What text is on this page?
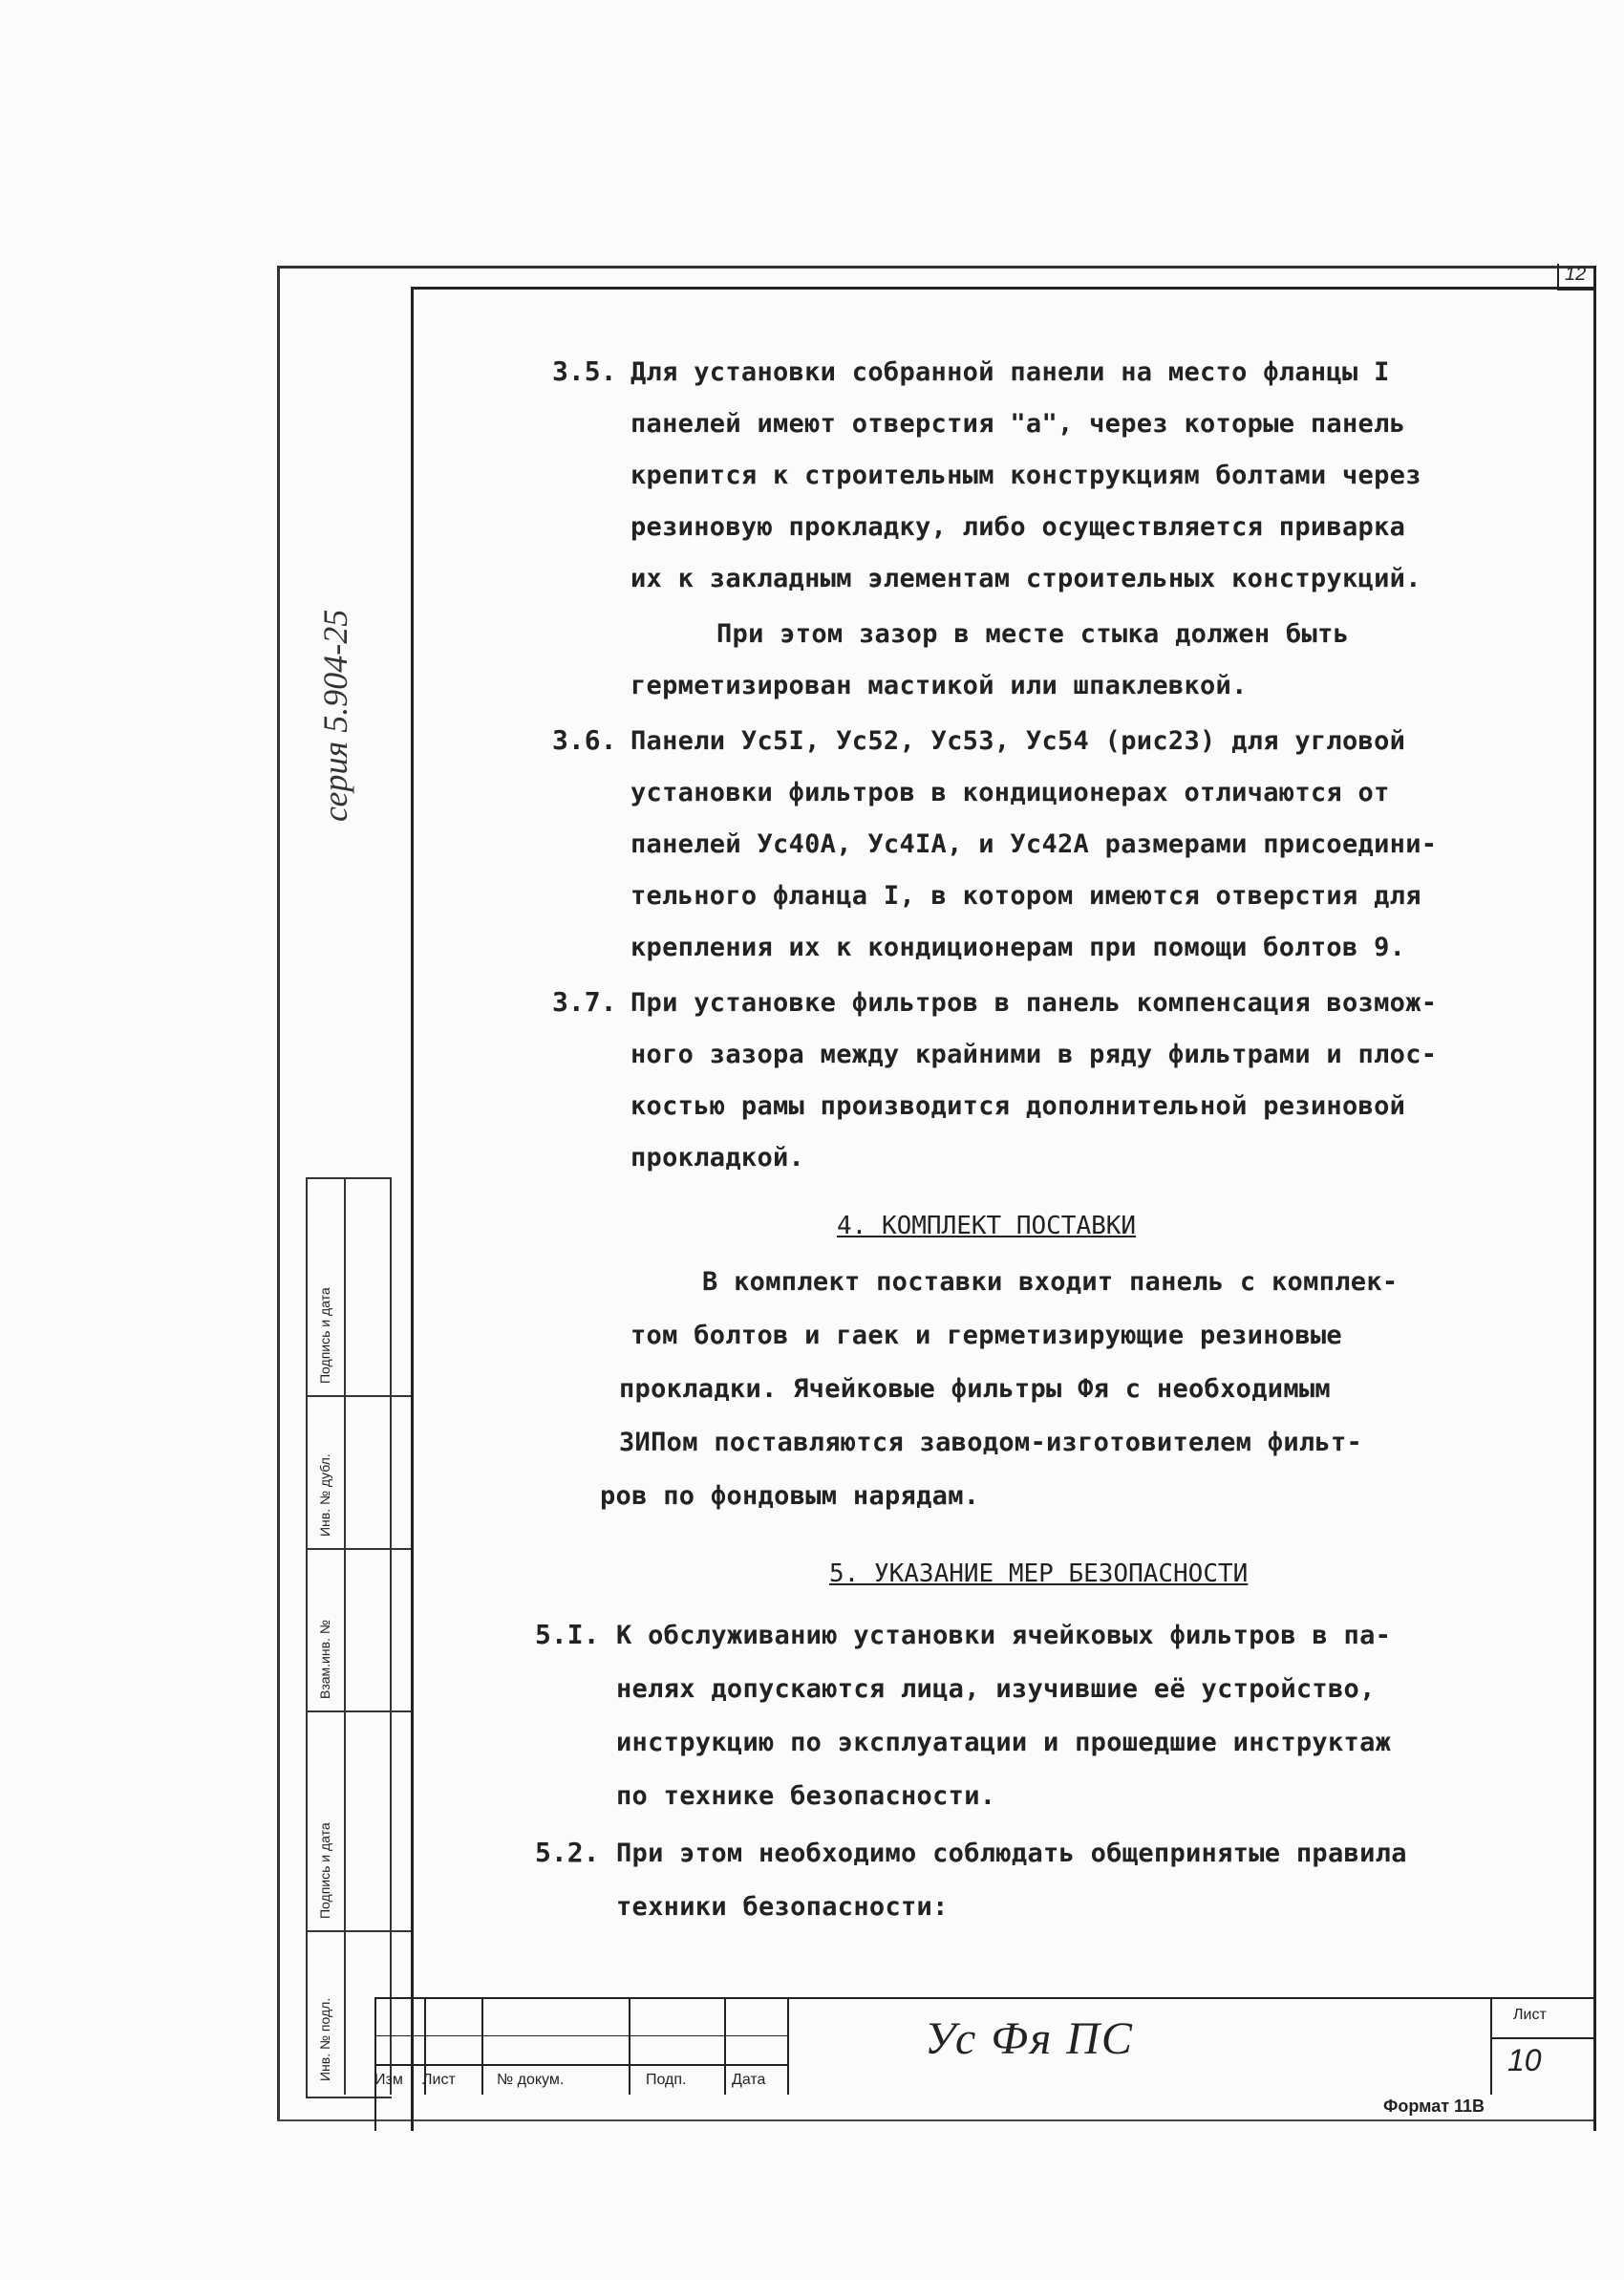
12
серия 5.904-25
Подпись и дата
Инв. № дубл.
Взам.инв. №
Подпись и дата
Инв. № подл.
3.5. Для установки собранной панели на место фланцы I
панелей имеют отверстия "а", через которые панель
крепится к строительным конструкциям болтами через
резиновую прокладку, либо осуществляется приварка
их к закладным элементам строительных конструкций.
При этом зазор в месте стыка должен быть
герметизирован мастикой или шпаклевкой.
3.6. Панели Ус5I, Ус52, Ус53, Ус54 (рис23) для угловой
установки фильтров в кондиционерах отличаются от
панелей Ус40А, Ус4IА, и Ус42А размерами присоедини-
тельного фланца I, в котором имеются отверстия для
крепления их к кондиционерам при помощи болтов 9.
3.7. При установке фильтров в панель компенсация возмож-
ного зазора между крайними в ряду фильтрами и плос-
костью рамы производится дополнительной резиновой
прокладкой.
4. КОМПЛЕКТ ПОСТАВКИ
В комплект поставки входит панель с комплек-
том болтов и гаек и герметизирующие резиновые
прокладки. Ячейковые фильтры Фя с необходимым
ЗИПом поставляются заводом-изготовителем фильт-
ров по фондовым нарядам.
5. УКАЗАНИЕ МЕР БЕЗОПАСНОСТИ
5.I. К обслуживанию установки ячейковых фильтров в па-
нелях допускаются лица, изучившие её устройство,
инструкцию по эксплуатации и прошедшие инструктаж
по технике безопасности.
5.2. При этом необходимо соблюдать общепринятые правила
техники безопасности:
Изм Лист	№ докум.	Подп.	Дата
Ус Фя ПС	Лист
10
Формат 11В
